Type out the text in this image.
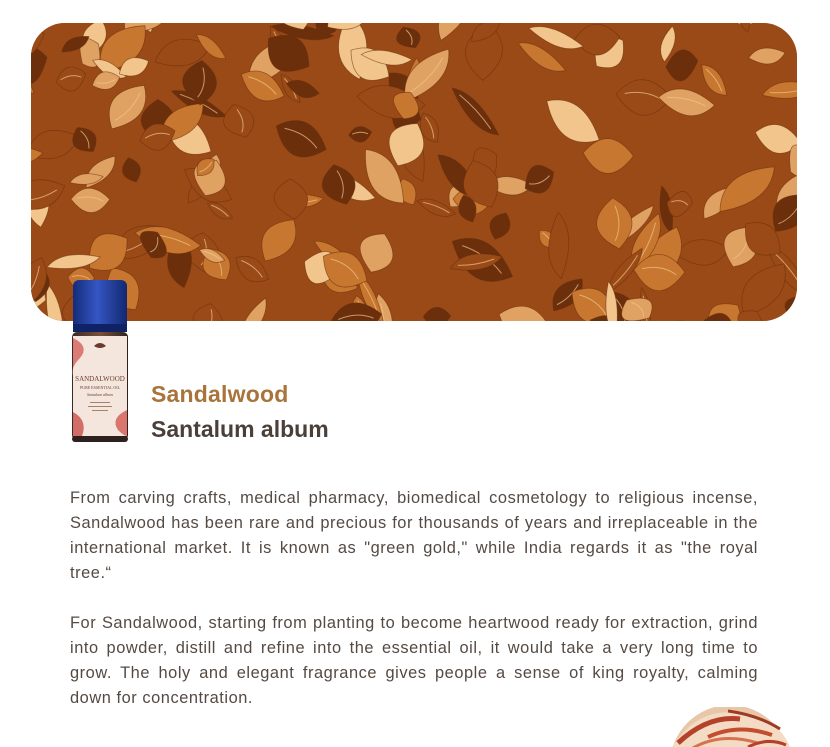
SANDALWOOD
PURE ESSENTIAL OIL
Santalum album Sandalwood
Santalum album

From carving crafts, medical pharmacy, biomedical cosmetology to religious incense, Sandalwood has been rare and precious for thousands of years and irreplaceable in the international market. It is known as "green gold," while India regards it as "the royal tree.“

For Sandalwood, starting from planting to become heartwood ready for extraction, grind into powder, distill and refine into the essential oil, it would take a very long time to grow. The holy and elegant fragrance gives people a sense of king royalty, calming down for concentration.
